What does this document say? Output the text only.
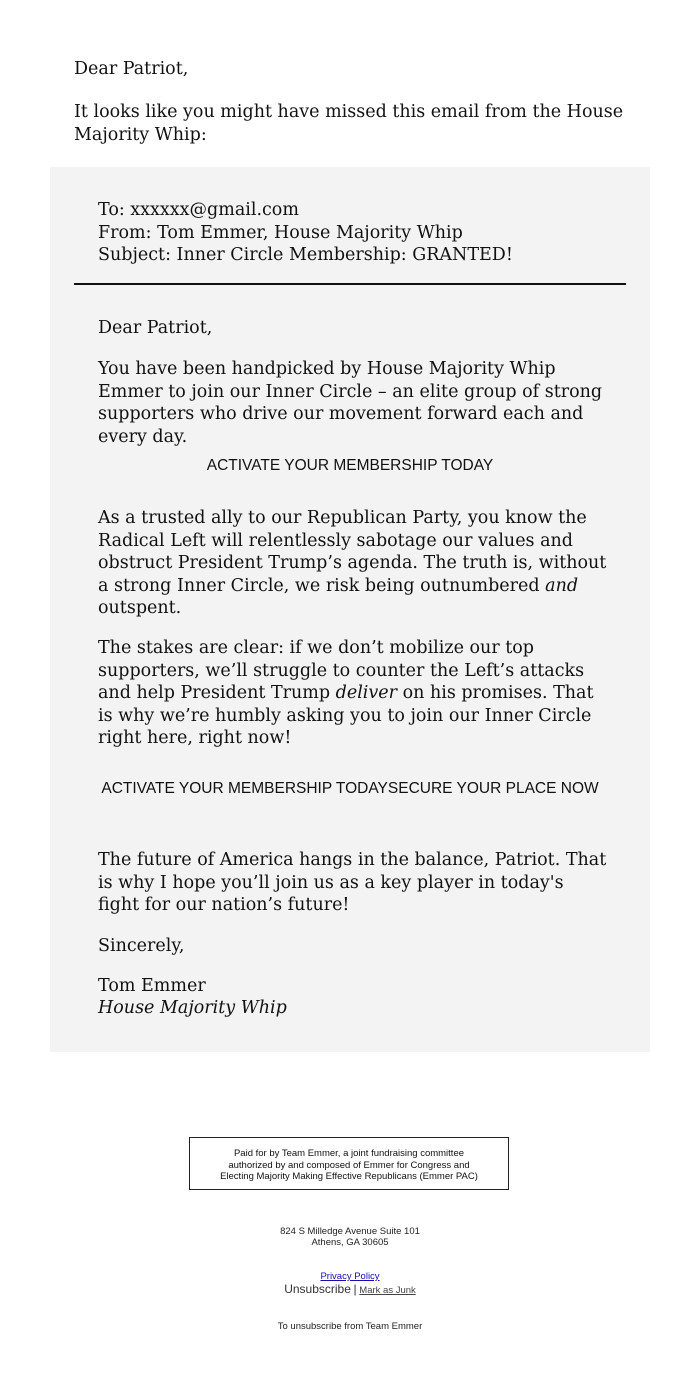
Dear Patriot,

It looks like you might have missed this email from the House Majority Whip:

To: xxxxxx@gmail.com
From: Tom Emmer, House Majority Whip
Subject: Inner Circle Membership: GRANTED!

Dear Patriot,

You have been handpicked by House Majority Whip Emmer to join our Inner Circle – an elite group of strong supporters who drive our movement forward each and every day.

ACTIVATE YOUR MEMBERSHIP TODAY

As a trusted ally to our Republican Party, you know the Radical Left will relentlessly sabotage our values and obstruct President Trump’s agenda. The truth is, without a strong Inner Circle, we risk being outnumbered and outspent.

The stakes are clear: if we don’t mobilize our top supporters, we’ll struggle to counter the Left’s attacks and help President Trump deliver on his promises. That is why we’re humbly asking you to join our Inner Circle right here, right now!

ACTIVATE YOUR MEMBERSHIP TODAYSECURE YOUR PLACE NOW

The future of America hangs in the balance, Patriot. That is why I hope you’ll join us as a key player in today's fight for our nation’s future!

Sincerely,

Tom Emmer

House Majority Whip

Paid for by Team Emmer, a joint fundraising committee authorized by and composed of Emmer for Congress and Electing Majority Making Effective Republicans (Emmer PAC)
824 S Milledge Avenue Suite 101
Athens, GA 30605
Privacy Policy
Unsubscribe | Mark as Junk
To unsubscribe from Team Emmer
